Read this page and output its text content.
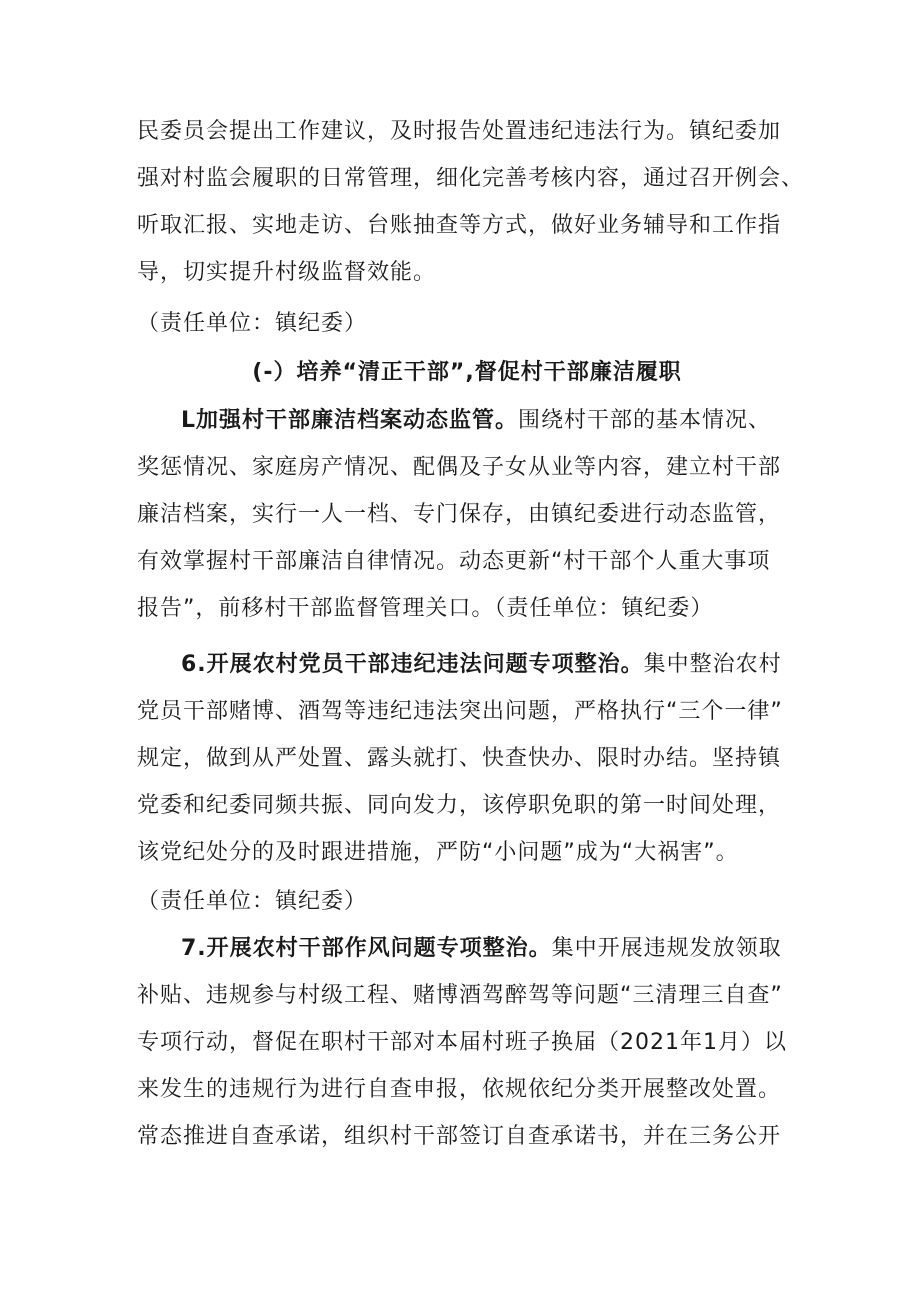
民委员会提出工作建议，及时报告处置违纪违法行为。镇纪委加
强对村监会履职的日常管理，细化完善考核内容，通过召开例会、
听取汇报、实地走访、台账抽查等方式，做好业务辅导和工作指
导，切实提升村级监督效能。
（责任单位：镇纪委）
(-）培养“清正干部”,督促村干部廉洁履职
L加强村干部廉洁档案动态监管。围绕村干部的基本情况、
奖惩情况、家庭房产情况、配偶及子女从业等内容，建立村干部
廉洁档案，实行一人一档、专门保存，由镇纪委进行动态监管，
有效掌握村干部廉洁自律情况。动态更新“村干部个人重大事项
报告”，前移村干部监督管理关口。（责任单位：镇纪委）
6.开展农村党员干部违纪违法问题专项整治。集中整治农村
党员干部赌博、酒驾等违纪违法突出问题，严格执行“三个一律”
规定，做到从严处置、露头就打、快查快办、限时办结。坚持镇
党委和纪委同频共振、同向发力，该停职免职的第一时间处理，
该党纪处分的及时跟进措施，严防“小问题”成为“大祸害”。
（责任单位：镇纪委）
7.开展农村干部作风问题专项整治。集中开展违规发放领取
补贴、违规参与村级工程、赌博酒驾醉驾等问题“三清理三自查”
专项行动，督促在职村干部对本届村班子换届（2021年1月）以
来发生的违规行为进行自查申报，依规依纪分类开展整改处置。
常态推进自查承诺，组织村干部签订自查承诺书，并在三务公开
